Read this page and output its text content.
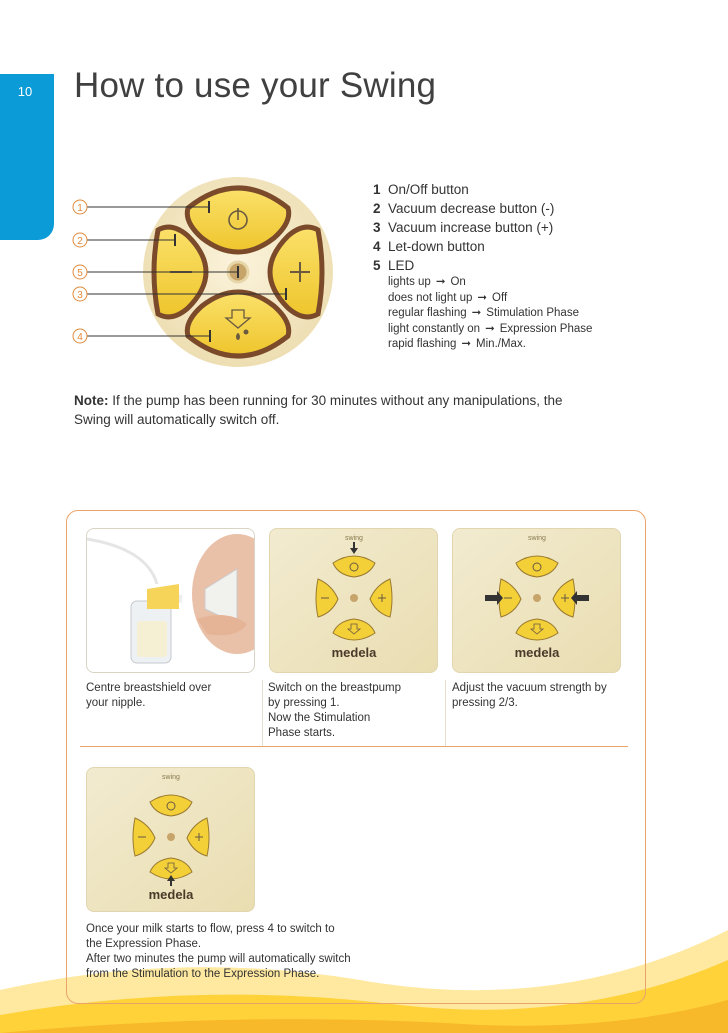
10	How to use your Swing
1
2
5
3
4
1 On/Off button
2 Vacuum decrease button (-)
3 Vacuum increase button (+)
4 Let-down button
5 LED
lights up ➞ On
does not light up ➞ Off
regular flashing ➞ Stimulation Phase
light constantly on ➞ Expression Phase
rapid flashing ➞ Min./Max.
Note: If the pump has been running for 30 minutes without any manipulations, the Swing will automatically switch off.
swing
medela
swing
medela
swing
medela
Centre breastshield over
your nipple.
Switch on the breastpump
by pressing 1.
Now the Stimulation
Phase starts.
Adjust the vacuum strength by
pressing 2/3.
Once your milk starts to flow, press 4 to switch to
the Expression Phase.
After two minutes the pump will automatically switch
from the Stimulation to the Expression Phase.
